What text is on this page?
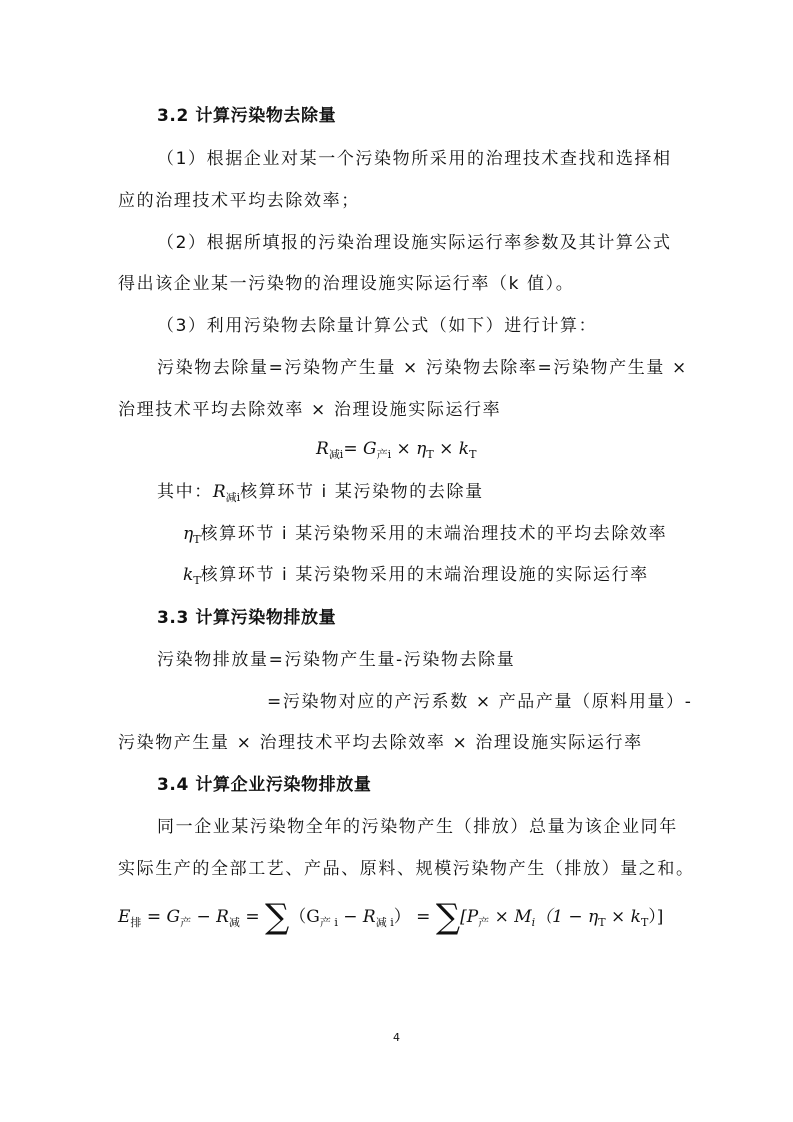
3.2 计算污染物去除量
（1）根据企业对某一个污染物所采用的治理技术查找和选择相
应的治理技术平均去除效率；
（2）根据所填报的污染治理设施实际运行率参数及其计算公式
得出该企业某一污染物的治理设施实际运行率（k 值）。
（3）利用污染物去除量计算公式（如下）进行计算：
污染物去除量=污染物产生量 × 污染物去除率=污染物产生量 ×
治理技术平均去除效率 × 治理设施实际运行率
$R_{减i}= G_{产i} \times \eta_T \times k_T$
其中：$R_{减i}$核算环节 i 某污染物的去除量
$\eta_T$核算环节 i 某污染物采用的末端治理技术的平均去除效率
$k_T$核算环节 i 某污染物采用的末端治理设施的实际运行率
3.3 计算污染物排放量
污染物排放量=污染物产生量-污染物去除量
=污染物对应的产污系数 × 产品产量（原料用量）-
污染物产生量 × 治理技术平均去除效率 × 治理设施实际运行率
3.4 计算企业污染物排放量
同一企业某污染物全年的污染物产生（排放）总量为该企业同年
实际生产的全部工艺、产品、原料、规模污染物产生（排放）量之和。
$E_排 = G_产 - R_减 = \sum(G_{产 i} - R_{减 i}) = \sum[P_产 \times M_i(1 - \eta_T \times k_T)]$
4
